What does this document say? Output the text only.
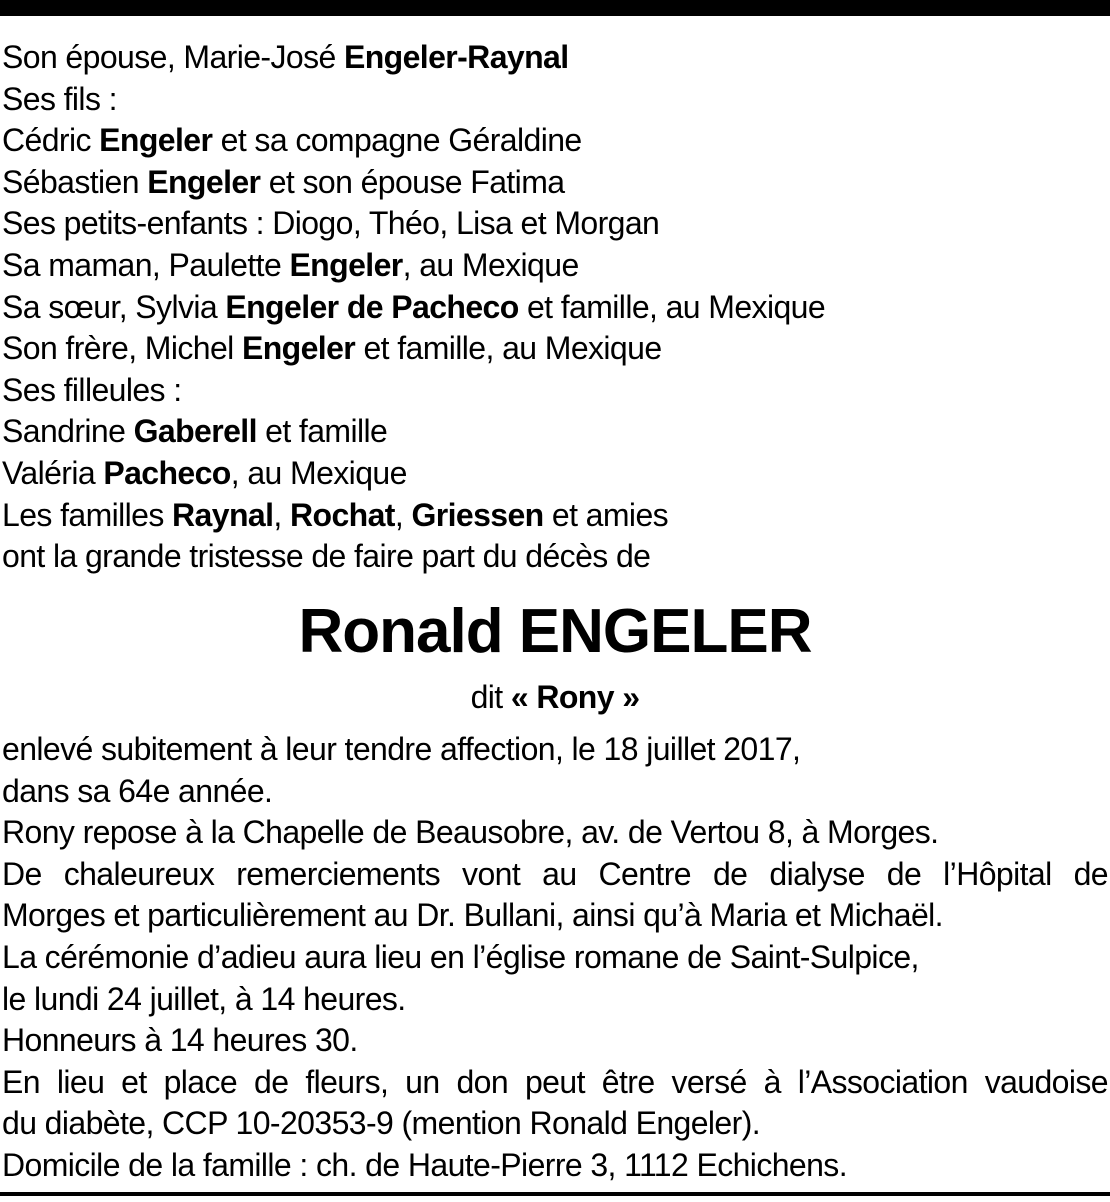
Son épouse, Marie-José Engeler-Raynal
Ses fils :
Cédric Engeler et sa compagne Géraldine
Sébastien Engeler et son épouse Fatima
Ses petits-enfants : Diogo, Théo, Lisa et Morgan
Sa maman, Paulette Engeler, au Mexique
Sa sœur, Sylvia Engeler de Pacheco et famille, au Mexique
Son frère, Michel Engeler et famille, au Mexique
Ses filleules :
Sandrine Gaberell et famille
Valéria Pacheco, au Mexique
Les familles Raynal, Rochat, Griessen et amies
ont la grande tristesse de faire part du décès de
Ronald ENGELER
dit « Rony »
enlevé subitement à leur tendre affection, le 18 juillet 2017,
dans sa 64e année.
Rony repose à la Chapelle de Beausobre, av. de Vertou 8, à Morges.
De chaleureux remerciements vont au Centre de dialyse de l’Hôpital de
Morges et particulièrement au Dr. Bullani, ainsi qu’à Maria et Michaël.
La cérémonie d’adieu aura lieu en l’église romane de Saint-Sulpice,
le lundi 24 juillet, à 14 heures.
Honneurs à 14 heures 30.
En lieu et place de fleurs, un don peut être versé à l’Association vaudoise
du diabète, CCP 10-20353-9 (mention Ronald Engeler).
Domicile de la famille : ch. de Haute-Pierre 3, 1112 Echichens.
